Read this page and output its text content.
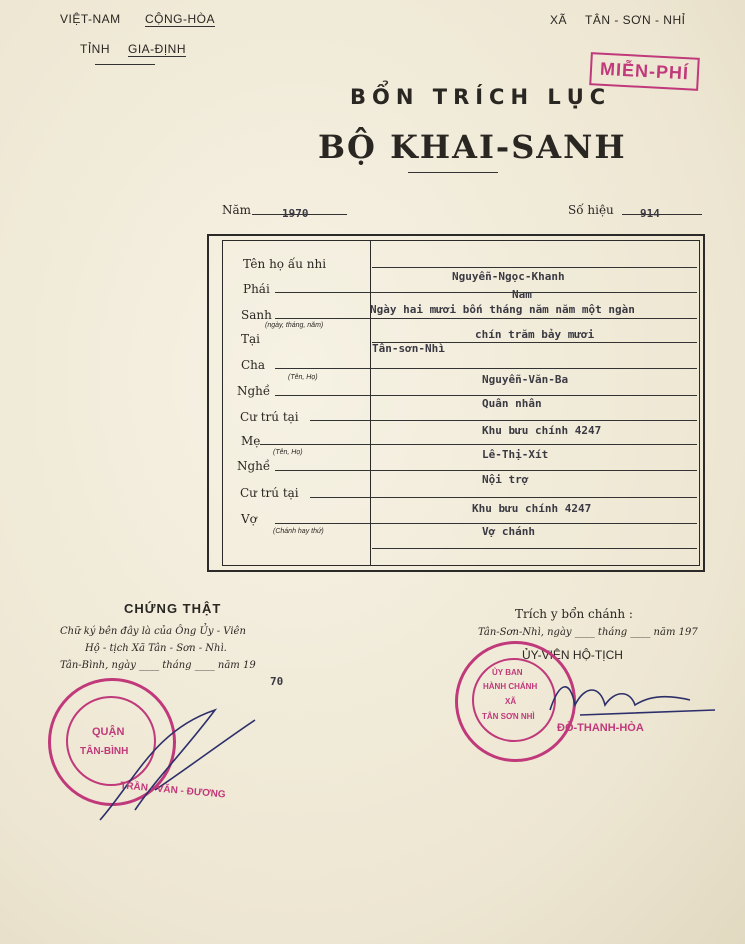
VIỆT-NAM CỘNG-HÒA
TỈNH GIA-ĐỊNH
XÃ TÂN - SƠN - NHỈ
MIỄN-PHÍ
BỔN TRÍCH LỤC
BỘ KHAI-SANH
Năm	1970	Số hiệu 914
Tên họ ấu nhi
Phái
Sanh
(ngày, tháng, năm)
Tại
Cha
(Tên, Họ)
Nghề
Cư trú tại
Mẹ
(Tên, Họ)
Nghề
Cư trú tại
Vợ
(Chánh hay thứ)
Nguyễn-Ngọc-Khanh
Nam
Ngày hai mươi bốn tháng năm năm một ngàn
chín trăm bảy mươi
Tân-sơn-Nhì
Nguyễn-Văn-Ba
Quân nhân
Khu bưu chính 4247
Lê-Thị-Xít
Nội trợ
Khu bưu chính 4247
Vợ chánh
CHỨNG THẬT
Chữ ký bên đây là của Ông Ủy - Viên
Hộ - tịch Xã Tân - Sơn - Nhì.
Tân-Bình, ngày ____ tháng ____ năm 19
70
QUẬN
TÂN-BÌNH
TRẦN - VĂN - ĐƯƠNG
Trích y bổn chánh :
Tân-Sơn-Nhì, ngày ____ tháng ____ năm 197
ỦY-VIÊN HỘ-TỊCH
ỦY BAN
HÀNH CHÁNH
XÃ
TÂN SƠN NHÌ
ĐỖ-THANH-HÒA
